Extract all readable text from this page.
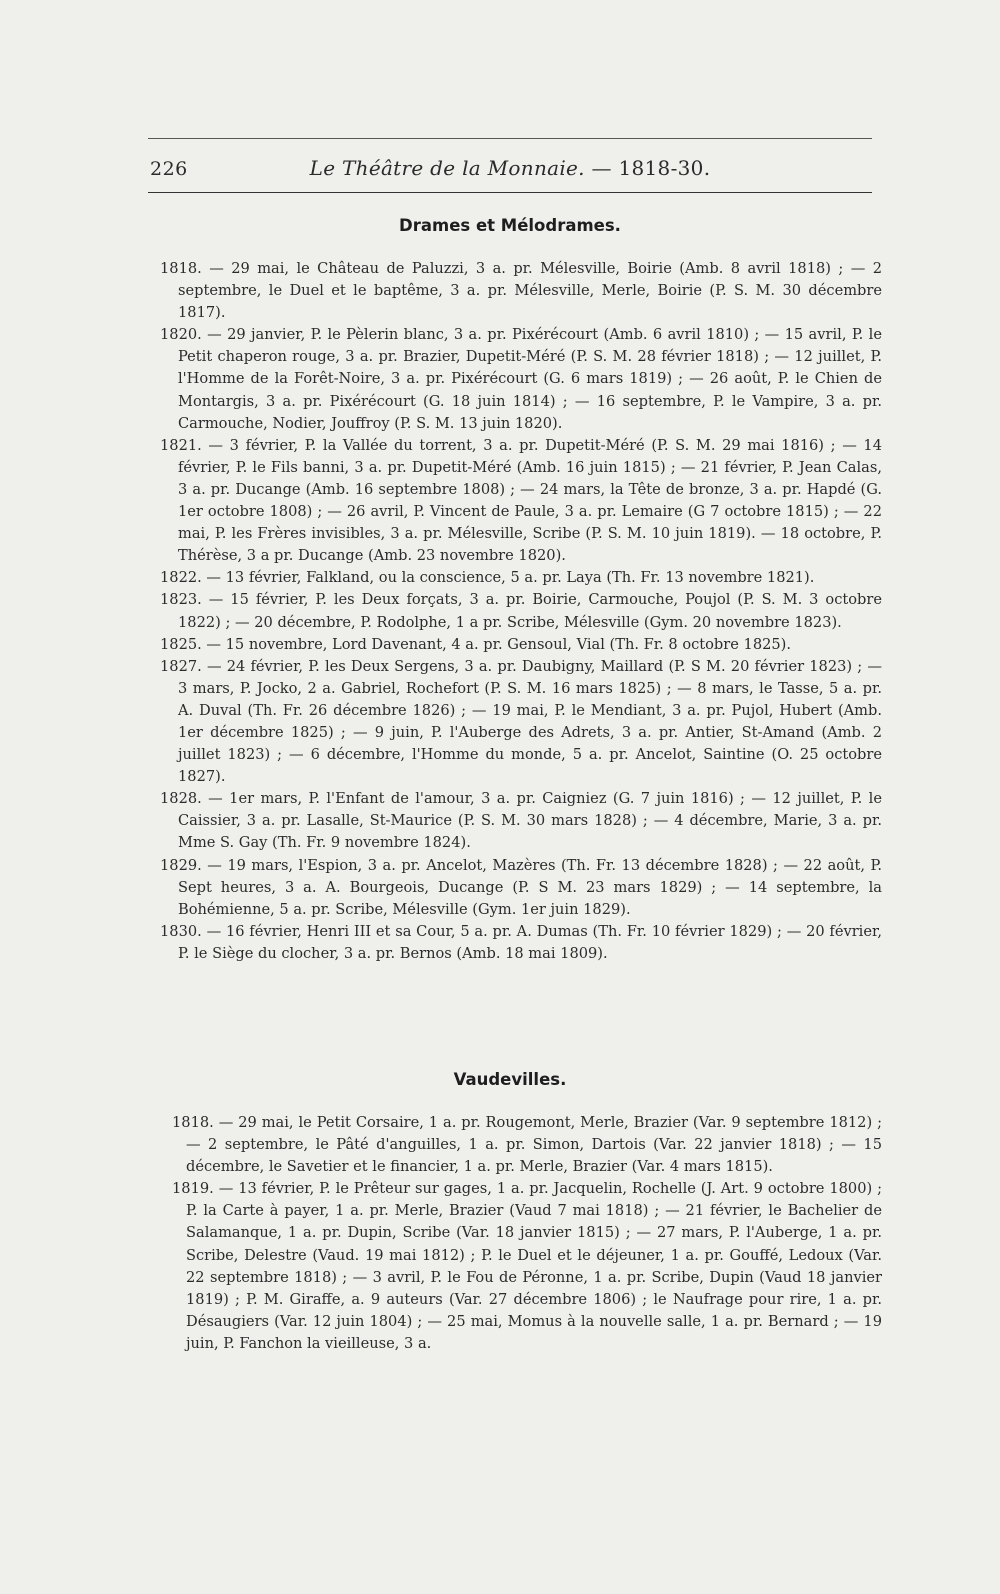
226	Le Théâtre de la Monnaie. — 1818-30.
Drames et Mélodrames.

1818. — 29 mai, le Château de Paluzzi, 3 a. pr. Mélesville, Boirie (Amb. 8 avril 1818) ; — 2 septembre, le Duel et le baptême, 3 a. pr. Mélesville, Merle, Boirie (P. S. M. 30 décembre 1817).

1820. — 29 janvier, P. le Pèlerin blanc, 3 a. pr. Pixérécourt (Amb. 6 avril 1810) ; — 15 avril, P. le Petit chaperon rouge, 3 a. pr. Brazier, Dupetit-Méré (P. S. M. 28 février 1818) ; — 12 juillet, P. l'Homme de la Forêt-Noire, 3 a. pr. Pixérécourt (G. 6 mars 1819) ; — 26 août, P. le Chien de Montargis, 3 a. pr. Pixérécourt (G. 18 juin 1814) ; — 16 septembre, P. le Vampire, 3 a. pr. Carmouche, Nodier, Jouffroy (P. S. M. 13 juin 1820).

1821. — 3 février, P. la Vallée du torrent, 3 a. pr. Dupetit-Méré (P. S. M. 29 mai 1816) ; — 14 février, P. le Fils banni, 3 a. pr. Dupetit-Méré (Amb. 16 juin 1815) ; — 21 février, P. Jean Calas, 3 a. pr. Ducange (Amb. 16 septembre 1808) ; — 24 mars, la Tête de bronze, 3 a. pr. Hapdé (G. 1er octobre 1808) ; — 26 avril, P. Vincent de Paule, 3 a. pr. Lemaire (G 7 octobre 1815) ; — 22 mai, P. les Frères invisibles, 3 a. pr. Mélesville, Scribe (P. S. M. 10 juin 1819). — 18 octobre, P. Thérèse, 3 a pr. Ducange (Amb. 23 novembre 1820).

1822. — 13 février, Falkland, ou la conscience, 5 a. pr. Laya (Th. Fr. 13 novembre 1821).

1823. — 15 février, P. les Deux forçats, 3 a. pr. Boirie, Carmouche, Poujol (P. S. M. 3 octobre 1822) ; — 20 décembre, P. Rodolphe, 1 a pr. Scribe, Mélesville (Gym. 20 novembre 1823).

1825. — 15 novembre, Lord Davenant, 4 a. pr. Gensoul, Vial (Th. Fr. 8 octobre 1825).

1827. — 24 février, P. les Deux Sergens, 3 a. pr. Daubigny, Maillard (P. S M. 20 février 1823) ; — 3 mars, P. Jocko, 2 a. Gabriel, Rochefort (P. S. M. 16 mars 1825) ; — 8 mars, le Tasse, 5 a. pr. A. Duval (Th. Fr. 26 décembre 1826) ; — 19 mai, P. le Mendiant, 3 a. pr. Pujol, Hubert (Amb. 1er décembre 1825) ; — 9 juin, P. l'Auberge des Adrets, 3 a. pr. Antier, St-Amand (Amb. 2 juillet 1823) ; — 6 décembre, l'Homme du monde, 5 a. pr. Ancelot, Saintine (O. 25 octobre 1827).

1828. — 1er mars, P. l'Enfant de l'amour, 3 a. pr. Caigniez (G. 7 juin 1816) ; — 12 juillet, P. le Caissier, 3 a. pr. Lasalle, St-Maurice (P. S. M. 30 mars 1828) ; — 4 décembre, Marie, 3 a. pr. Mme S. Gay (Th. Fr. 9 novembre 1824).

1829. — 19 mars, l'Espion, 3 a. pr. Ancelot, Mazères (Th. Fr. 13 décembre 1828) ; — 22 août, P. Sept heures, 3 a. A. Bourgeois, Ducange (P. S M. 23 mars 1829) ; — 14 septembre, la Bohémienne, 5 a. pr. Scribe, Mélesville (Gym. 1er juin 1829).

1830. — 16 février, Henri III et sa Cour, 5 a. pr. A. Dumas (Th. Fr. 10 février 1829) ; — 20 février, P. le Siège du clocher, 3 a. pr. Bernos (Amb. 18 mai 1809).

Vaudevilles.

1818. — 29 mai, le Petit Corsaire, 1 a. pr. Rougemont, Merle, Brazier (Var. 9 septembre 1812) ; — 2 septembre, le Pâté d'anguilles, 1 a. pr. Simon, Dartois (Var. 22 janvier 1818) ; — 15 décembre, le Savetier et le financier, 1 a. pr. Merle, Brazier (Var. 4 mars 1815).

1819. — 13 février, P. le Prêteur sur gages, 1 a. pr. Jacquelin, Rochelle (J. Art. 9 octobre 1800) ; P. la Carte à payer, 1 a. pr. Merle, Brazier (Vaud 7 mai 1818) ; — 21 février, le Bachelier de Salamanque, 1 a. pr. Dupin, Scribe (Var. 18 janvier 1815) ; — 27 mars, P. l'Auberge, 1 a. pr. Scribe, Delestre (Vaud. 19 mai 1812) ; P. le Duel et le déjeuner, 1 a. pr. Gouffé, Ledoux (Var. 22 septembre 1818) ; — 3 avril, P. le Fou de Péronne, 1 a. pr. Scribe, Dupin (Vaud 18 janvier 1819) ; P. M. Giraffe, a. 9 auteurs (Var. 27 décembre 1806) ; le Naufrage pour rire, 1 a. pr. Désaugiers (Var. 12 juin 1804) ; — 25 mai, Momus à la nouvelle salle, 1 a. pr. Bernard ; — 19 juin, P. Fanchon la vieilleuse, 3 a.
